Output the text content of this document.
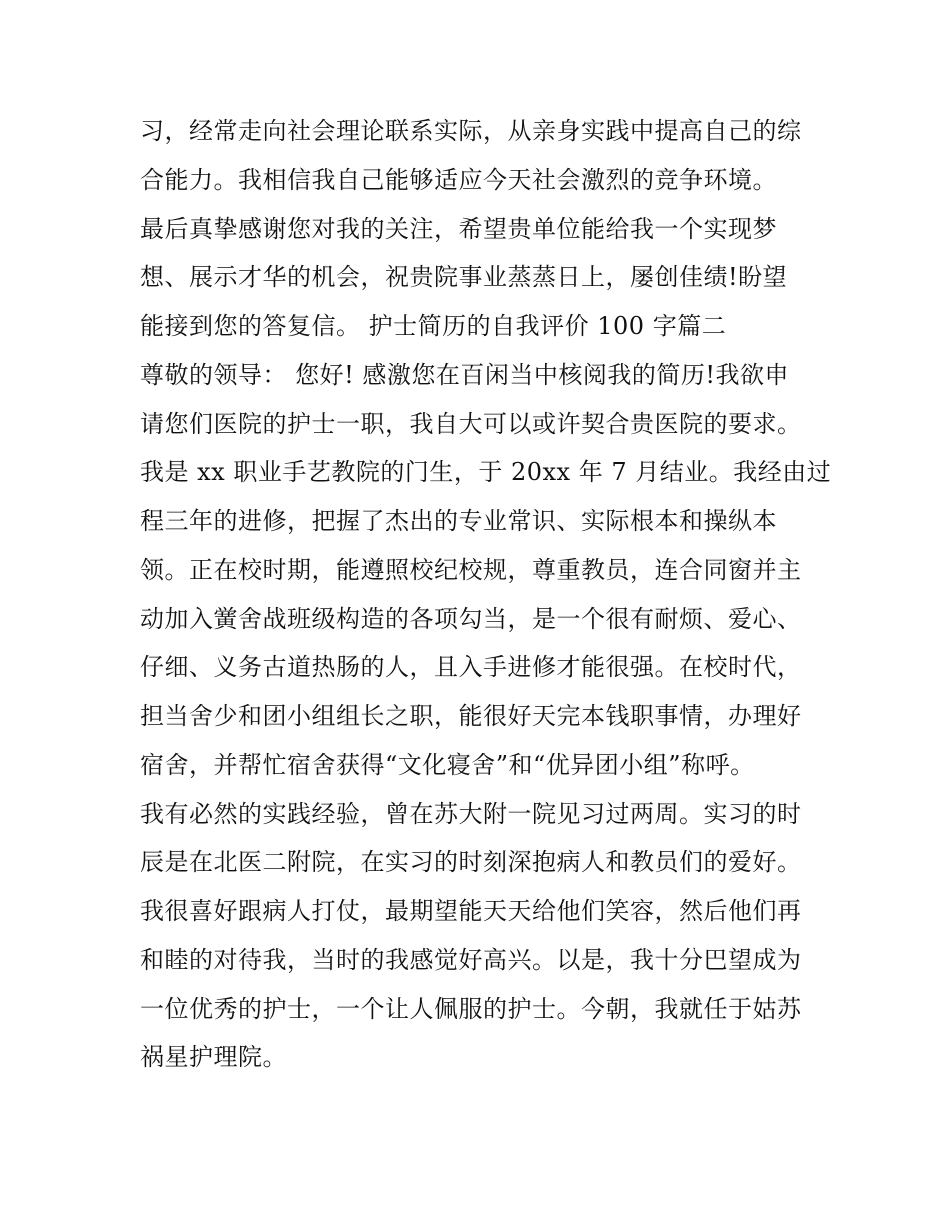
习，经常走向社会理论联系实际，从亲身实践中提高自己的综
合能力。我相信我自己能够适应今天社会激烈的竞争环境。
最后真挚感谢您对我的关注，希望贵单位能给我一个实现梦
想、展示才华的机会，祝贵院事业蒸蒸日上，屡创佳绩!盼望
能接到您的答复信。 护士简历的自我评价 100 字篇二
尊敬的领导： 您好! 感激您在百闲当中核阅我的简历!我欲申
请您们医院的护士一职，我自大可以或许契合贵医院的要求。
我是 xx 职业手艺教院的门生，于 20xx 年 7 月结业。我经由过
程三年的进修，把握了杰出的专业常识、实际根本和操纵本
领。正在校时期，能遵照校纪校规，尊重教员，连合同窗并主
动加入黉舍战班级构造的各项勾当，是一个很有耐烦、爱心、
仔细、义务古道热肠的人，且入手进修才能很强。在校时代，
担当舍少和团小组组长之职，能很好天完本钱职事情，办理好
宿舍，并帮忙宿舍获得“文化寝舍”和“优异团小组”称呼。
我有必然的实践经验，曾在苏大附一院见习过两周。实习的时
辰是在北医二附院，在实习的时刻深抱病人和教员们的爱好。
我很喜好跟病人打仗，最期望能天天给他们笑容，然后他们再
和睦的对待我，当时的我感觉好高兴。以是，我十分巴望成为
一位优秀的护士，一个让人佩服的护士。今朝，我就任于姑苏
祸星护理院。
